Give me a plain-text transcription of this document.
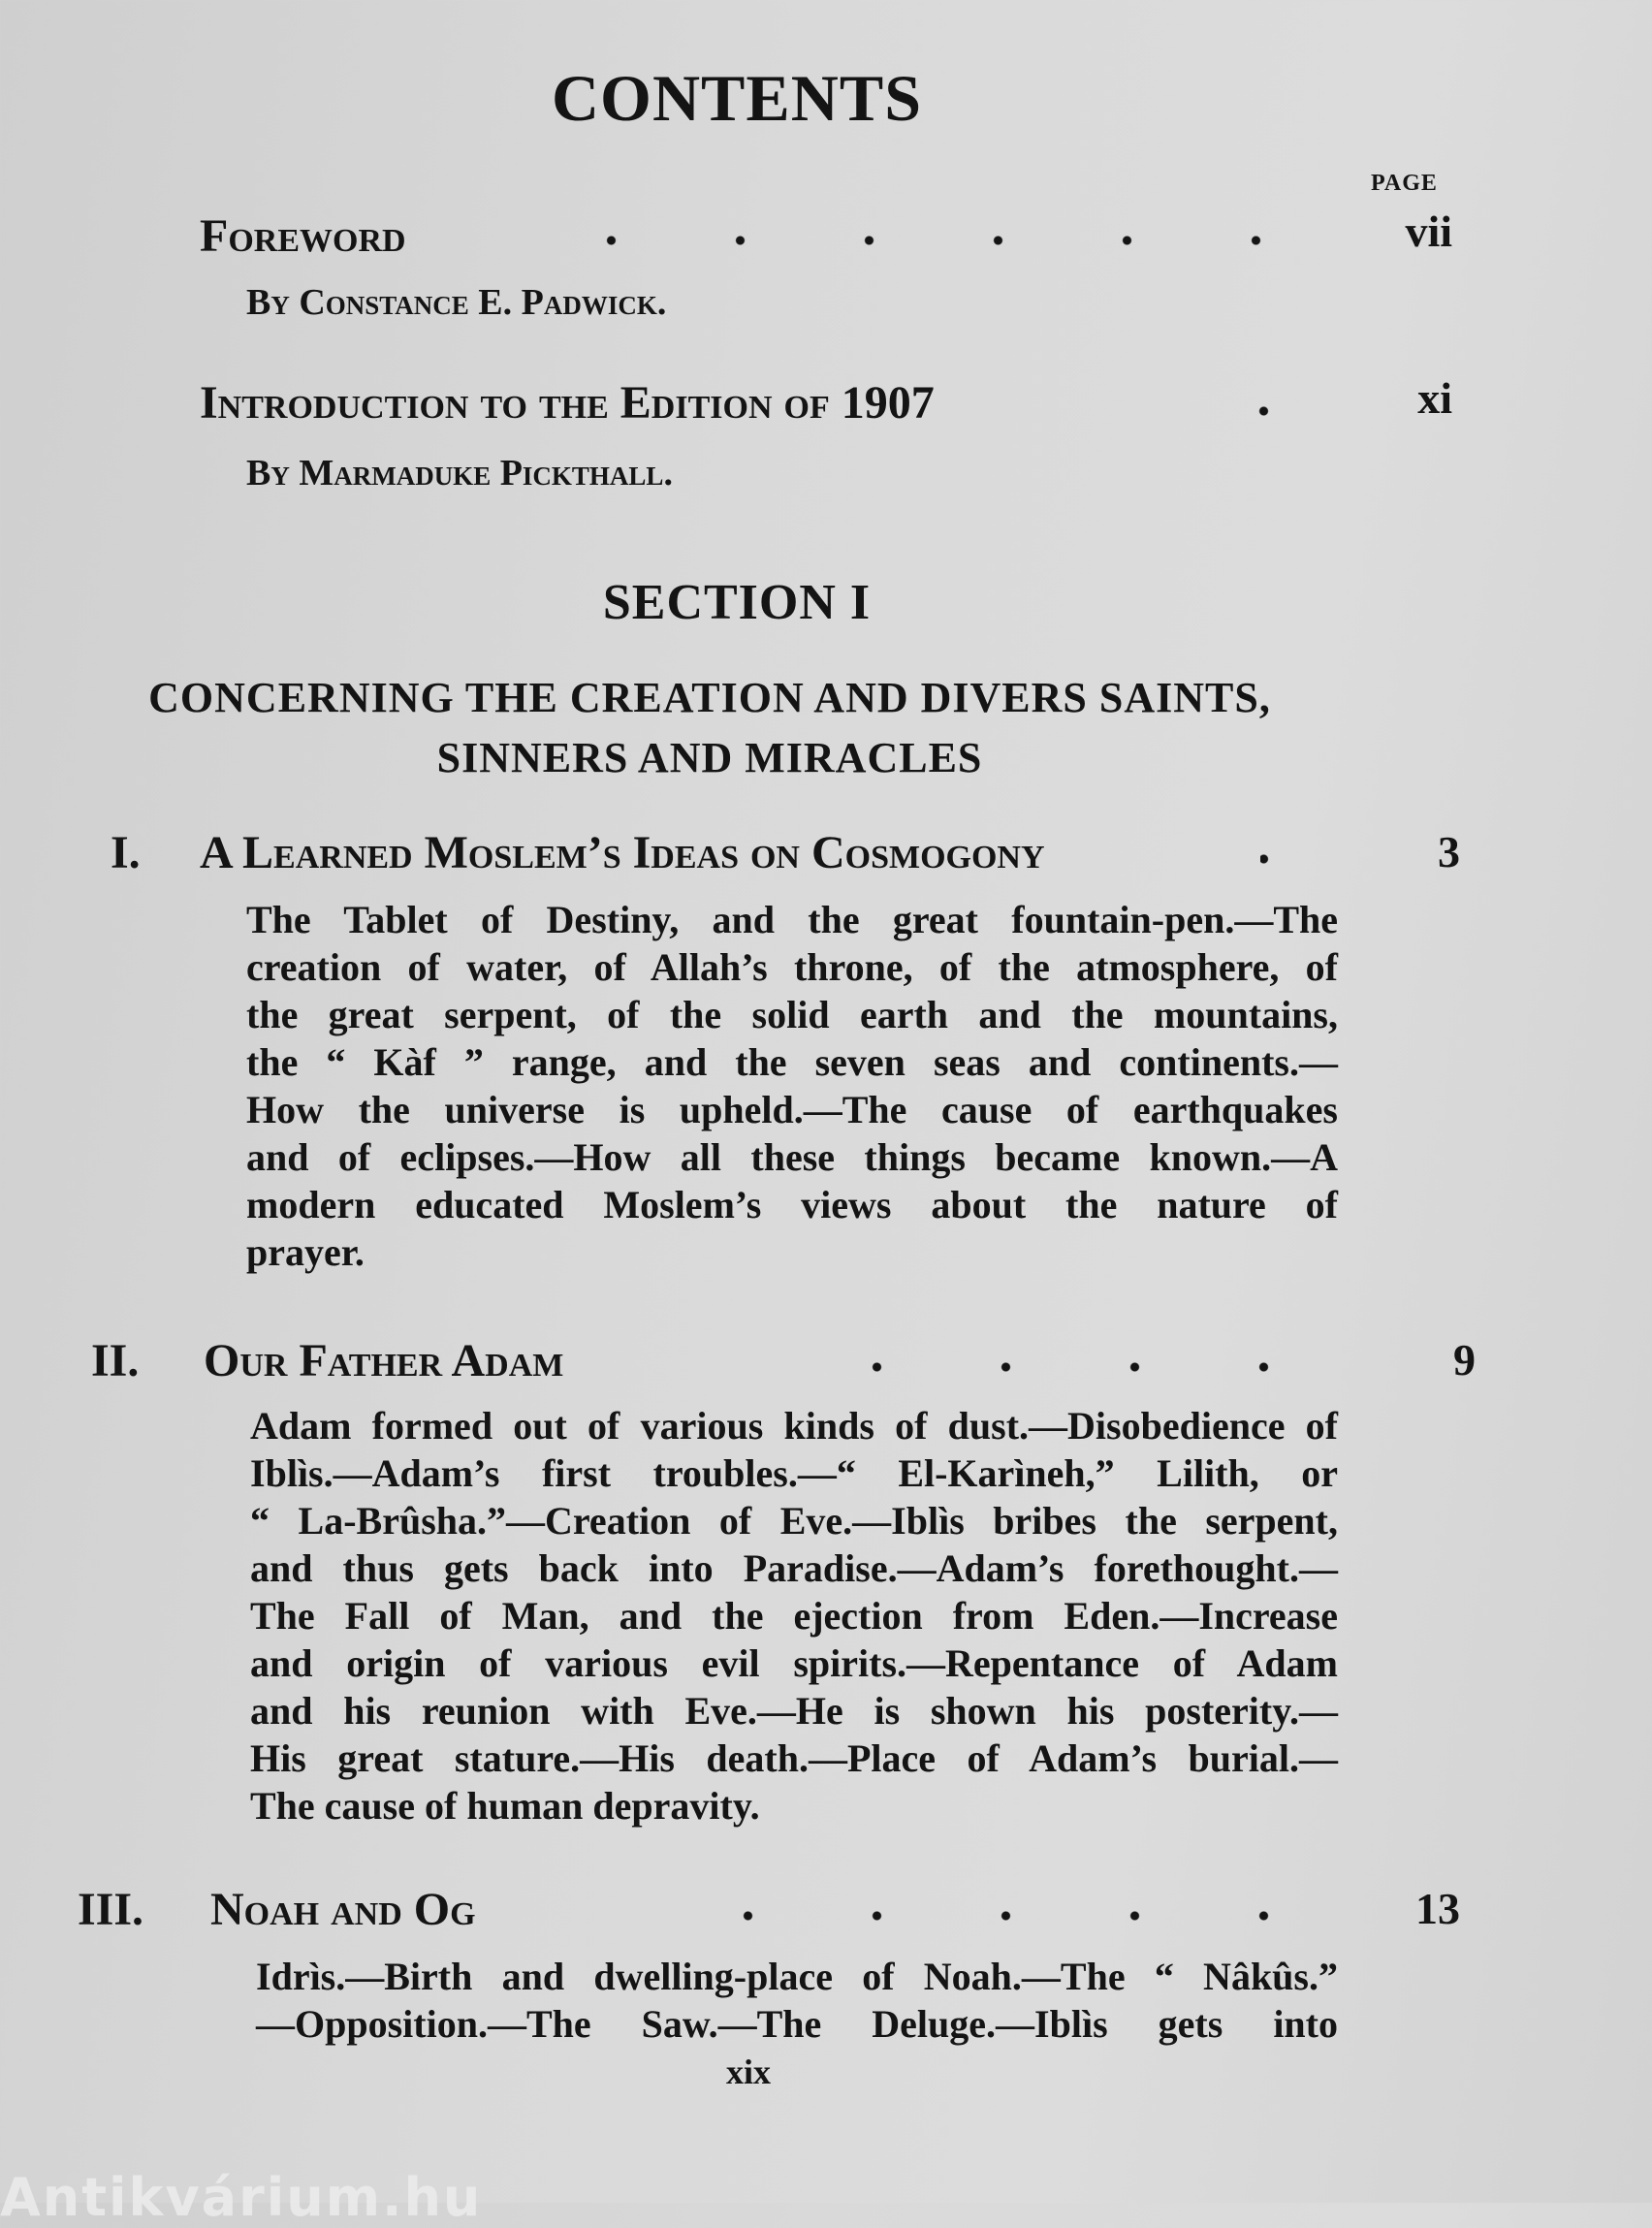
CONTENTS
PAGE
Foreword	vii
By Constance E. Padwick.
Introduction to the Edition of 1907	xi
By Marmaduke Pickthall.
SECTION I
CONCERNING THE CREATION AND DIVERS SAINTS,
SINNERS AND MIRACLES
I. A Learned Moslem’s Ideas on Cosmogony	3
The Tablet of Destiny, and the great fountain-pen.—The
creation of water, of Allah’s throne, of the atmosphere, of
the great serpent, of the solid earth and the mountains,
the “ Kàf ” range, and the seven seas and continents.—
How the universe is upheld.—The cause of earthquakes
and of eclipses.—How all these things became known.—A
modern educated Moslem’s views about the nature of
prayer.
II. Our Father Adam	9
Adam formed out of various kinds of dust.—Disobedience of
Iblìs.—Adam’s first troubles.—“ El-Karìneh,” Lilith, or
“ La-Brûsha.”—Creation of Eve.—Iblìs bribes the serpent,
and thus gets back into Paradise.—Adam’s forethought.—
The Fall of Man, and the ejection from Eden.—Increase
and origin of various evil spirits.—Repentance of Adam
and his reunion with Eve.—He is shown his posterity.—
His great stature.—His death.—Place of Adam’s burial.—
The cause of human depravity.
III. Noah and Og	13
Idrìs.—Birth and dwelling-place of Noah.—The “ Nâkûs.”
—Opposition.—The Saw.—The Deluge.—Iblìs gets into
xix
Antikvárium.hu
